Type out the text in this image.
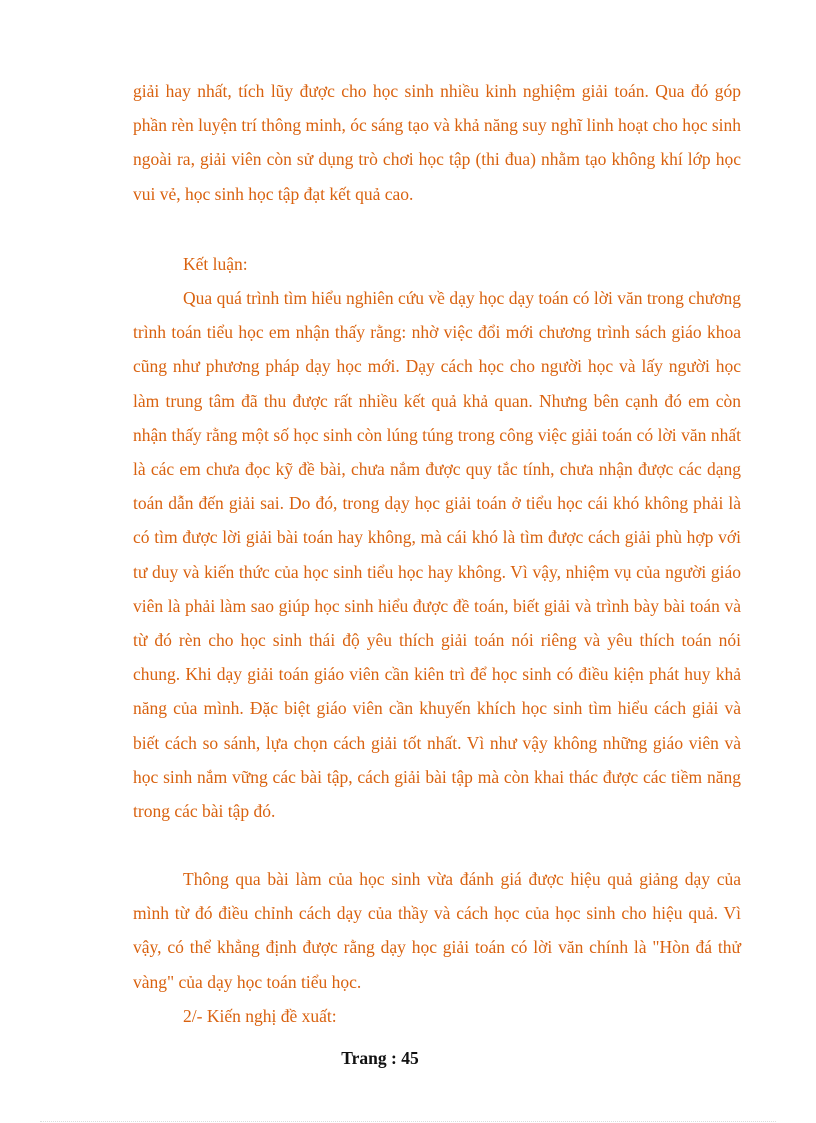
giải hay nhất, tích lũy được cho học sinh nhiều kinh nghiệm giải toán. Qua đó góp phần rèn luyện trí thông minh, óc sáng tạo và khả năng suy nghĩ linh hoạt cho học sinh ngoài ra, giải viên còn sử dụng trò chơi học tập (thi đua) nhằm tạo không khí lớp học vui vẻ, học sinh học tập đạt kết quả cao.
Kết luận:
Qua quá trình tìm hiểu nghiên cứu về dạy học dạy toán có lời văn trong chương trình toán tiểu học em nhận thấy rằng: nhờ việc đổi mới chương trình sách giáo khoa cũng như phương pháp dạy học mới. Dạy cách học cho người học và lấy người học làm trung tâm đã thu được rất nhiều kết quả khả quan. Nhưng bên cạnh đó em còn nhận thấy rằng một số học sinh còn lúng túng trong công việc giải toán có lời văn nhất là các em chưa đọc kỹ đề bài, chưa nắm được quy tắc tính, chưa nhận được các dạng toán dẫn đến giải sai. Do đó, trong dạy học giải toán ở tiểu học cái khó không phải là có tìm được lời giải bài toán hay không, mà cái khó là tìm được cách giải phù hợp với tư duy và kiến thức của học sinh tiểu học hay không. Vì vậy, nhiệm vụ của người giáo viên là phải làm sao giúp học sinh hiểu được đề toán, biết giải và trình bày bài toán và từ đó rèn cho học sinh thái độ yêu thích giải toán nói riêng và yêu thích toán nói chung. Khi dạy giải toán giáo viên cần kiên trì để học sinh có điều kiện phát huy khả năng của mình. Đặc biệt giáo viên cần khuyến khích học sinh tìm hiểu cách giải và biết cách so sánh, lựa chọn cách giải tốt nhất. Vì như vậy không những giáo viên và học sinh nắm vững các bài tập, cách giải bài tập mà còn khai thác được các tiềm năng trong các bài tập đó.
Thông qua bài làm của học sinh vừa đánh giá được hiệu quả giảng dạy của mình từ đó điều chỉnh cách dạy của thầy và cách học của học sinh cho hiệu quả. Vì vậy, có thể khẳng định được rằng dạy học giải toán có lời văn chính là "Hòn đá thử vàng" của dạy học toán tiểu học.
2/- Kiến nghị đề xuất:
Trang : 45
